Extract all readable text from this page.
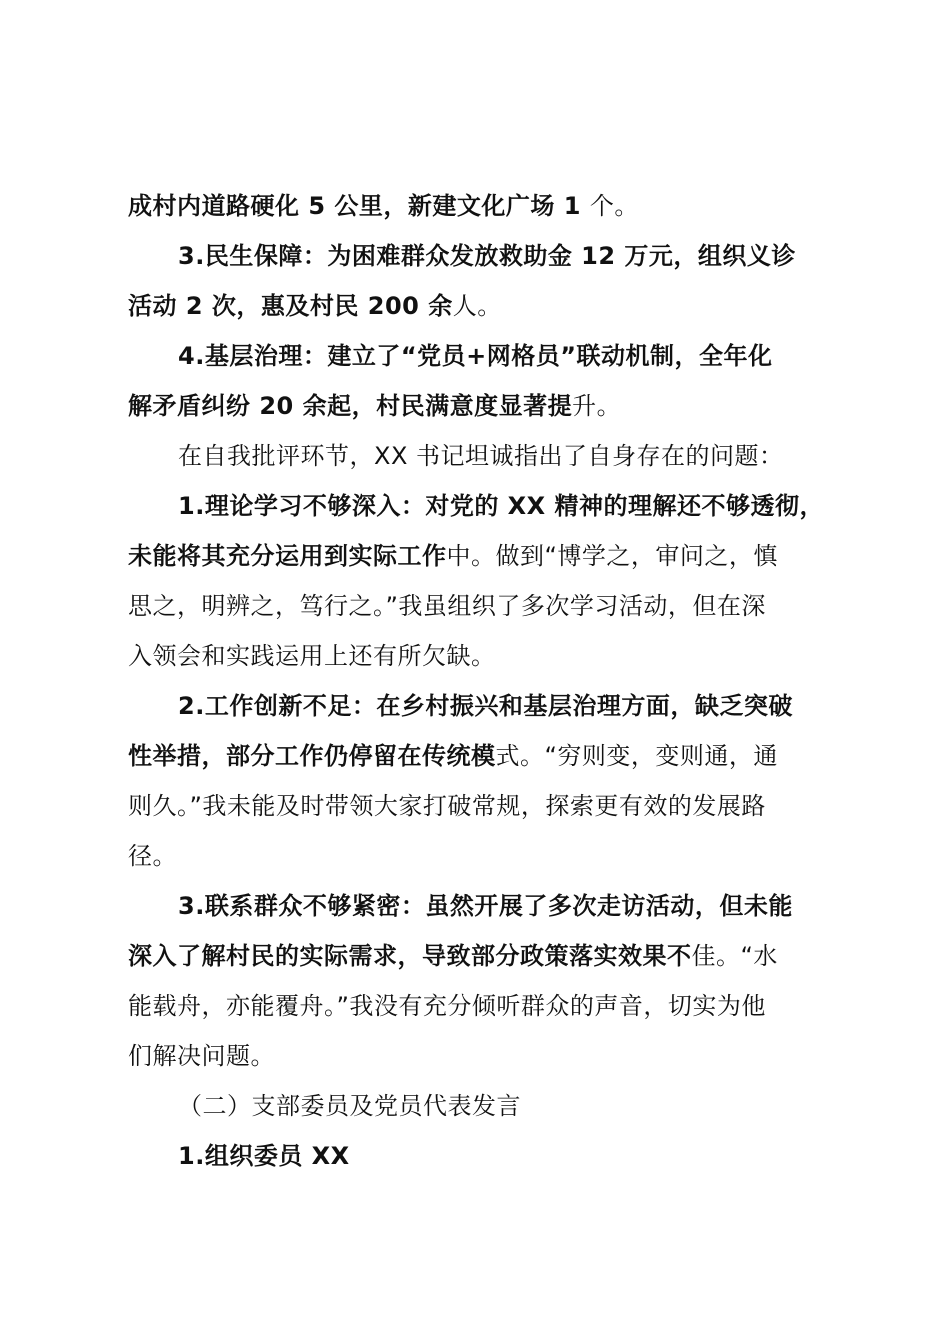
成村内道路硬化 5 公里，新建文化广场 1 个。
3.民生保障：为困难群众发放救助金 12 万元，组织义诊
活动 2 次，惠及村民 200 余人。
4.基层治理：建立了“党员+网格员”联动机制，全年化
解矛盾纠纷 20 余起，村民满意度显著提升。
在自我批评环节，XX 书记坦诚指出了自身存在的问题：
1.理论学习不够深入：对党的 XX 精神的理解还不够透彻，
未能将其充分运用到实际工作中。做到“博学之，审问之，慎
思之，明辨之，笃行之。”我虽组织了多次学习活动，但在深
入领会和实践运用上还有所欠缺。
2.工作创新不足：在乡村振兴和基层治理方面，缺乏突破
性举措，部分工作仍停留在传统模式。“穷则变，变则通，通
则久。”我未能及时带领大家打破常规，探索更有效的发展路
径。
3.联系群众不够紧密：虽然开展了多次走访活动，但未能
深入了解村民的实际需求，导致部分政策落实效果不佳。“水
能载舟，亦能覆舟。”我没有充分倾听群众的声音，切实为他
们解决问题。
（二）支部委员及党员代表发言
1.组织委员 XX
